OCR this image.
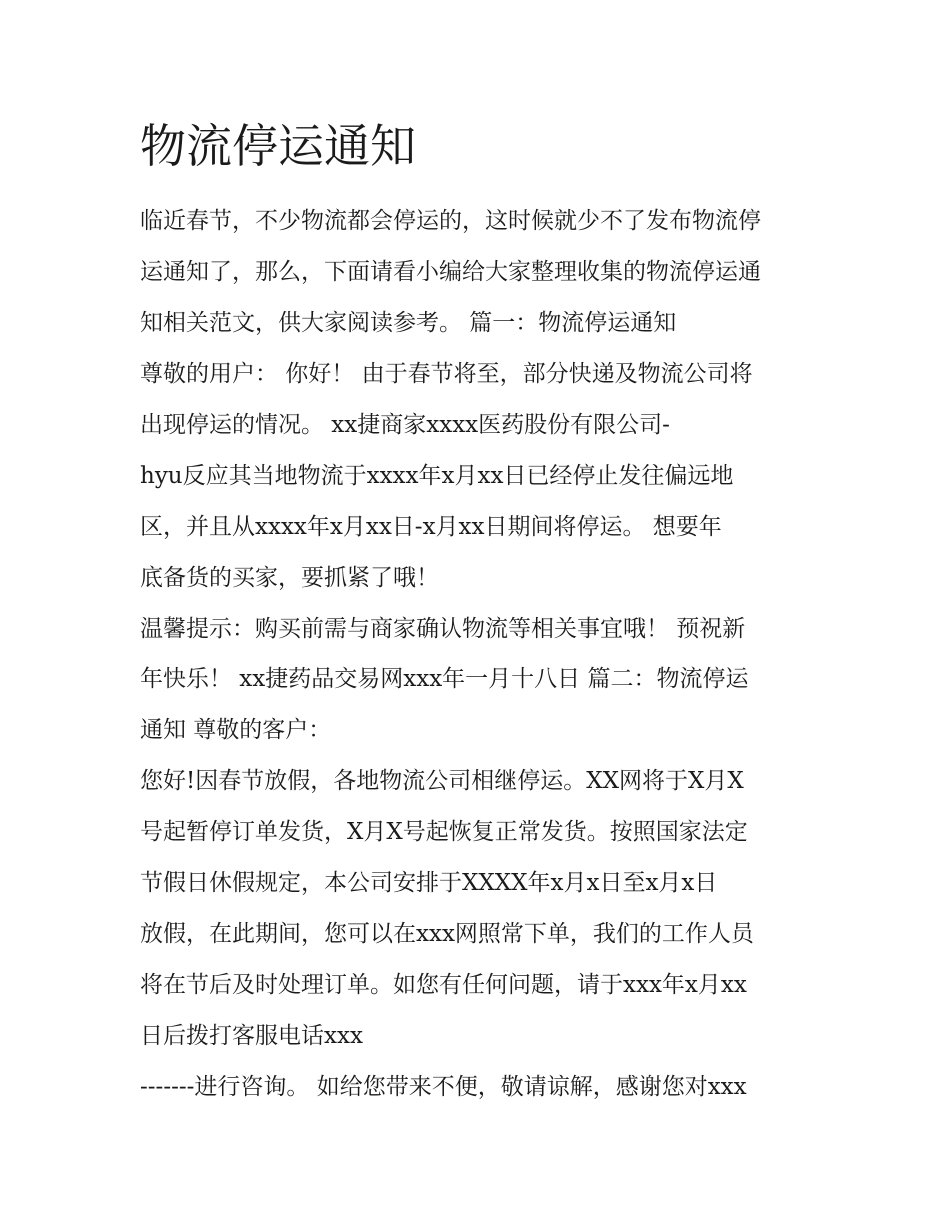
物流停运通知

临近春节，不少物流都会停运的，这时候就少不了发布物流停

运通知了，那么，下面请看小编给大家整理收集的物流停运通

知相关范文，供大家阅读参考。 篇一：物流停运通知

尊敬的用户： 你好！ 由于春节将至，部分快递及物流公司将

出现停运的情况。 xx捷商家xxxx医药股份有限公司-

hyu反应其当地物流于xxxx年x月xx日已经停止发往偏远地

区，并且从xxxx年x月xx日-x月xx日期间将停运。 想要年

底备货的买家，要抓紧了哦！

温馨提示：购买前需与商家确认物流等相关事宜哦！ 预祝新

年快乐！ xx捷药品交易网xxx年一月十八日 篇二：物流停运

通知 尊敬的客户：

您好!因春节放假，各地物流公司相继停运。XX网将于X月X

号起暂停订单发货，X月X号起恢复正常发货。按照国家法定

节假日休假规定，本公司安排于XXXX年x月x日至x月x日

放假，在此期间，您可以在xxx网照常下单，我们的工作人员

将在节后及时处理订单。如您有任何问题，请于xxx年x月xx

日后拨打客服电话xxx

-------进行咨询。 如给您带来不便，敬请谅解，感谢您对xxx
